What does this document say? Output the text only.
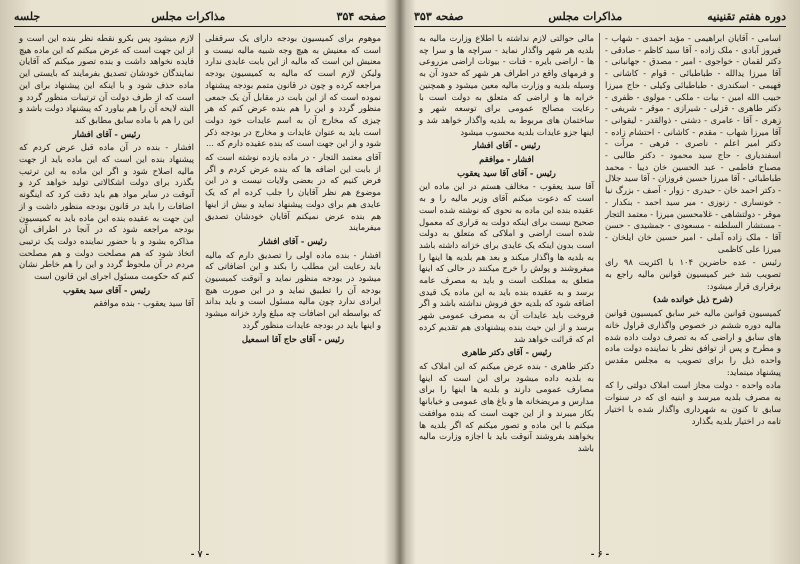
صفحه ۳۵۴
مذاکرات مجلس
جلسه

موهوم برای کمیسیون بودجه دارای یک سرقفلی است که معنیش به هیچ وجه شبیه مالیه نیست و معنیش این است که مالیه از این بابت عایدی ندارد ولیکن لازم است که مالیه به کمیسیون بودجه مراجعه کرده و چون در قانون متمم بودجه پیشنهاد نموده است که از این بابت در مقابل آن یک جمعی منظور گردد و این را هم بنده عرض کنم که هر چیزی که مخارج آن به اسم عایدات خود دولت است باید به عنوان عایدات و مخارج در بودجه ذکر شود و از این جهت است که بنده عقیده دارم که ...

آقای معتمد التجار - در ماده یازده نوشته است که از بابت این اضافه ها که بنده عرض کردم و اگر فرض کنیم که در بعضی ولایات نیست و در این موضوع هم نظر آقایان را جلب کرده ام که یک عایدی هم برای دولت پیشنهاد نماید و بیش از اینها هم بنده عرض نمیکنم آقایان خودشان تصدیق میفرمایند

رئیس - آقای افشار

افشار - بنده ماده اولی را تصدیق دارم که مالیه باید رعایت این مطلب را بکند و این اضافاتی که میشود در بودجه منظور نماید و آنوقت کمیسیون بودجه آن را تطبیق نماید و در این صورت هیچ ایرادی ندارد چون مالیه مسئول است و باید بداند که بواسطه این اضافات چه مبلغ وارد خزانه میشود و اینها باید در بودجه عایدات منظور گردد

رئیس - آقای حاج آقا اسمعیل

لازم میشود پس بکرو نقطه نظر بنده این است و از این جهت است که عرض میکنم که این ماده هیچ فایده نخواهد داشت و بنده تصور میکنم که آقایان نمایندگان خودشان تصدیق بفرمایند که بایستی این ماده حذف شود و با اینکه این پیشنهاد برای این است که از طرف دولت آن ترتیبات منظور گردد و البته لایحه آن را هم بیاورد که پیشنهاد دولت باشد و این را هم با ماده سابق مطابق کند

رئیس - آقای افشار

افشار - بنده در آن ماده قبل عرض کردم که پیشنهاد بنده این است که این ماده باید از جهت مالیه اصلاح شود و اگر این ماده به این ترتیب بگذرد برای دولت اشکالاتی تولید خواهد کرد و آنوقت در سایر مواد هم باید دقت کرد که اینگونه اضافات را باید در قانون بودجه منظور داشت و از این جهت به عقیده بنده این ماده باید به کمیسیون بودجه مراجعه شود که در آنجا در اطراف آن مذاکره بشود و با حضور نماینده دولت یک ترتیبی اتخاذ شود که هم مصلحت دولت و هم مصلحت مردم در آن ملحوظ گردد و این را هم خاطر نشان کنم که حکومت مسئول اجرای این قانون است

رئیس - آقای سید یعقوب

آقا سید یعقوب - بنده موافقم

- ۷ -
دوره هفتم تقنینیه
مذاکرات مجلس
صفحه ۳۵۳

اسامی - آقایان ابراهیمی - مؤید احمدی - شهاب - فیروز آبادی - ملک زاده - آقا سید کاظم - صادقی - دکتر لقمان - خواجوی - امیر - مصدق - جهانبانی - آقا میرزا یدالله - طباطبائی - قوام - کاشانی - فهیمی - اسکندری - طباطبائی وکیلی - حاج میرزا حبیب الله امین - بیات - ملکی - مولوی - ظفری - دکتر طاهری - قزلی - شیرازی - موقر - شریفی - زهری - آقا - عامری - دشتی - ذوالقدر - لیقوانی - آقا میرزا شهاب - مقدم - کاشانی - احتشام زاده - دکتر امیر اعلم - ناصری - فرهی - مرآت - اسفندیاری - حاج سید محمود - دکتر طالبی - مصباح فاطمی - عبد الحسین خان دیبا - محمد طباطبائی - آقا میرزا حسین فروزان - آقا سید جلال - دکتر احمد خان - حیدری - زوار - آصف - بزرگ نیا - خونساری - زنوزی - میر سید احمد - بنکدار - موقر - دولتشاهی - غلامحسین میرزا - معتمد التجار - مستشار السلطنه - مسعودی - جمشیدی - حسن آقا - ملک زاده آملی - امیر حسین خان ایلخان - میرزا علی کاظمی

رئیس - عده حاضرین ۱۰۴ با اکثریت ۹۸ رای تصویب شد خبر کمیسیون قوانین مالیه راجع به برقراری قرار میشود:

(شرح ذیل خوانده شد)

کمیسیون قوانین مالیه خبر سابق کمیسیون قوانین مالیه دوره ششم در خصوص واگذاری قراول خانه های سابق و اراضی که به تصرف دولت داده شده و مطرح و پس از توافق نظر با نماینده دولت ماده واحده ذیل را برای تصویب به مجلس مقدس پیشنهاد مینماید:

ماده واحده - دولت مجاز است املاک دولتی را که به مصرف بلدیه میرسد و ابنیه ای که در سنوات سابق تا کنون به شهرداری واگذار شده با اختیار تامه در اختیار بلدیه بگذارد

مالی حوالتی لازم نداشته با اطلاع وزارت مالیه به بلدیه هر شهر واگذار نماید - سراچه ها و سرا چه ها - اراضی بایره - قنات - بیوتات اراضی مزروعی و فرمهای واقع در اطراف هر شهر که حدود آن به وسیله بلدیه و وزارت مالیه معین میشود و همچنین خرابه ها و اراضی که متعلق به دولت است با رعایت مصالح عمومی برای توسعه شهر و ساختمان های مربوط به بلدیه واگذار خواهد شد و اینها جزو عایدات بلدیه محسوب میشود

رئیس - آقای افشار

افشار - موافقم

رئیس - آقای آقا سید یعقوب

آقا سید یعقوب - مخالف هستم در این ماده این است که دعوت میکنم آقای وزیر مالیه را و به عقیده بنده این ماده به نحوی که نوشته شده است صحیح نیست برای اینکه دولت به قراری که معمول شده است اراضی و املاکی که متعلق به دولت است بدون اینکه یک عایدی برای خزانه داشته باشد به بلدیه ها واگذار میکند و بعد هم بلدیه ها اینها را میفروشند و پولش را خرج میکنند در حالی که اینها متعلق به مملکت است و باید به مصرف عامه برسد و به عقیده بنده باید به این ماده یک قیدی اضافه شود که بلدیه حق فروش نداشته باشد و اگر فروخت باید عایدات آن به مصرف عمومی شهر برسد و از این حیث بنده پیشنهادی هم تقدیم کرده ام که قرائت خواهد شد

رئیس - آقای دکتر طاهری

دکتر طاهری - بنده عرض میکنم که این املاک که به بلدیه داده میشود برای این است که اینها مصارف عمومی دارند و بلدیه ها اینها را برای مدارس و مریضخانه ها و باغ های عمومی و خیابانها بکار میبرند و از این جهت است که بنده موافقت میکنم با این ماده و تصور میکنم که اگر بلدیه ها بخواهند بفروشند آنوقت باید با اجازه وزارت مالیه باشد

- ۶ -
